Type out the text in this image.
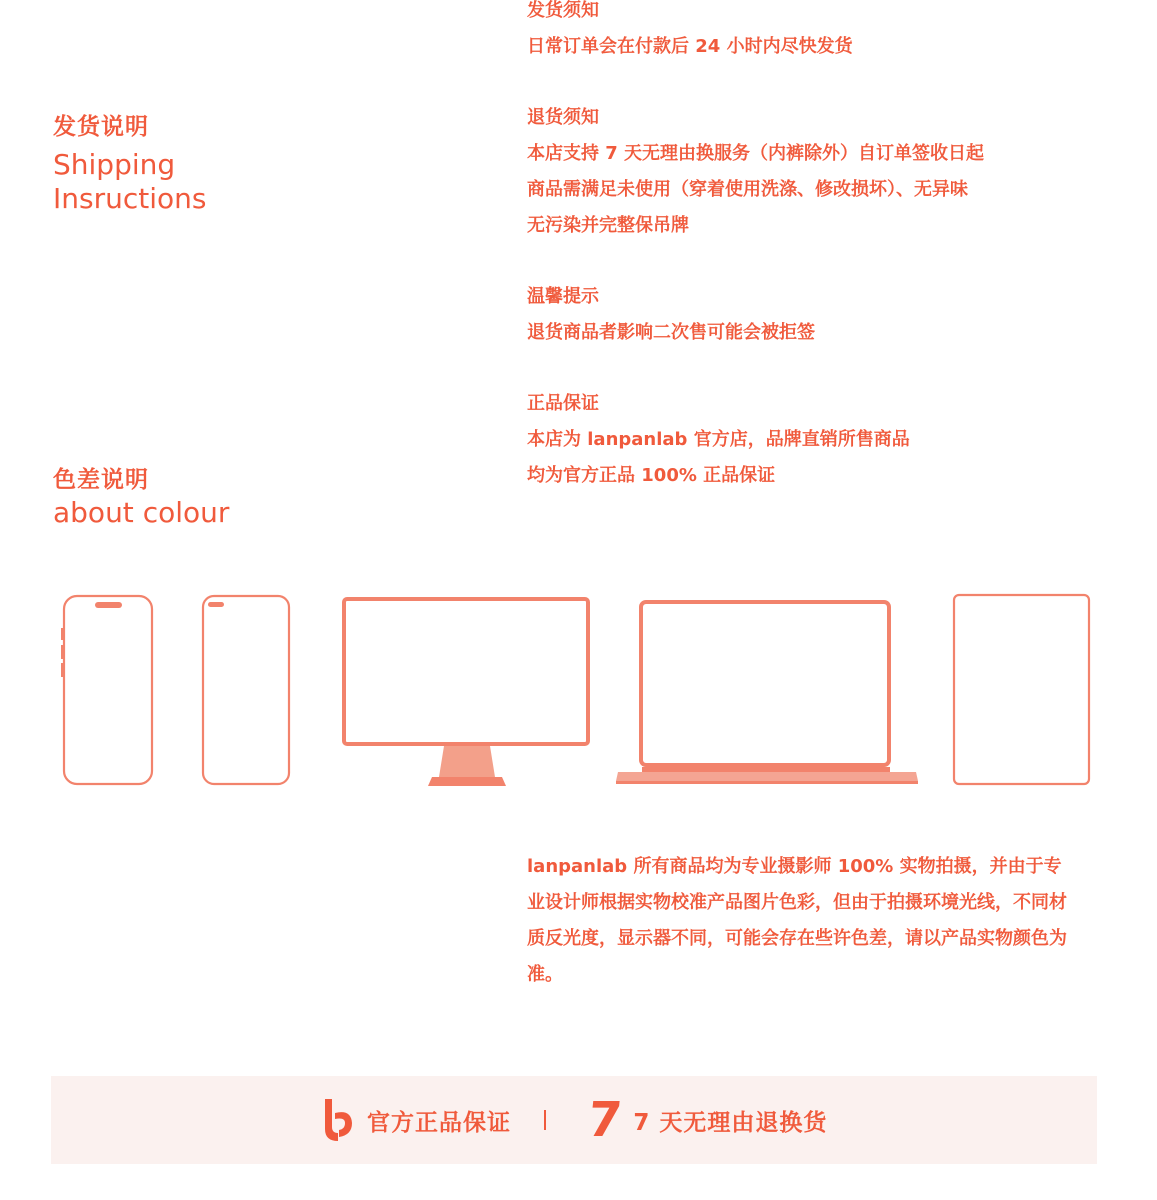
发货说明
Shipping
Insructions
发货须知
日常订单会在付款后 24 小时内尽快发货
退货须知
本店支持 7 天无理由换服务（内裤除外）自订单签收日起
商品需满足未使用（穿着使用洗涤、修改损坏）、无异味
无污染并完整保吊牌
温馨提示
退货商品者影响二次售可能会被拒签
正品保证
本店为 lanpanlab 官方店，品牌直销所售商品
均为官方正品 100% 正品保证
色差说明
about colour
lanpanlab 所有商品均为专业摄影师 100% 实物拍摄，并由于专业设计师根据实物校准产品图片色彩，但由于拍摄环境光线，不同材质反光度，显示器不同，可能会存在些许色差，请以产品实物颜色为准。
官方正品保证 7 7 天无理由退换货
